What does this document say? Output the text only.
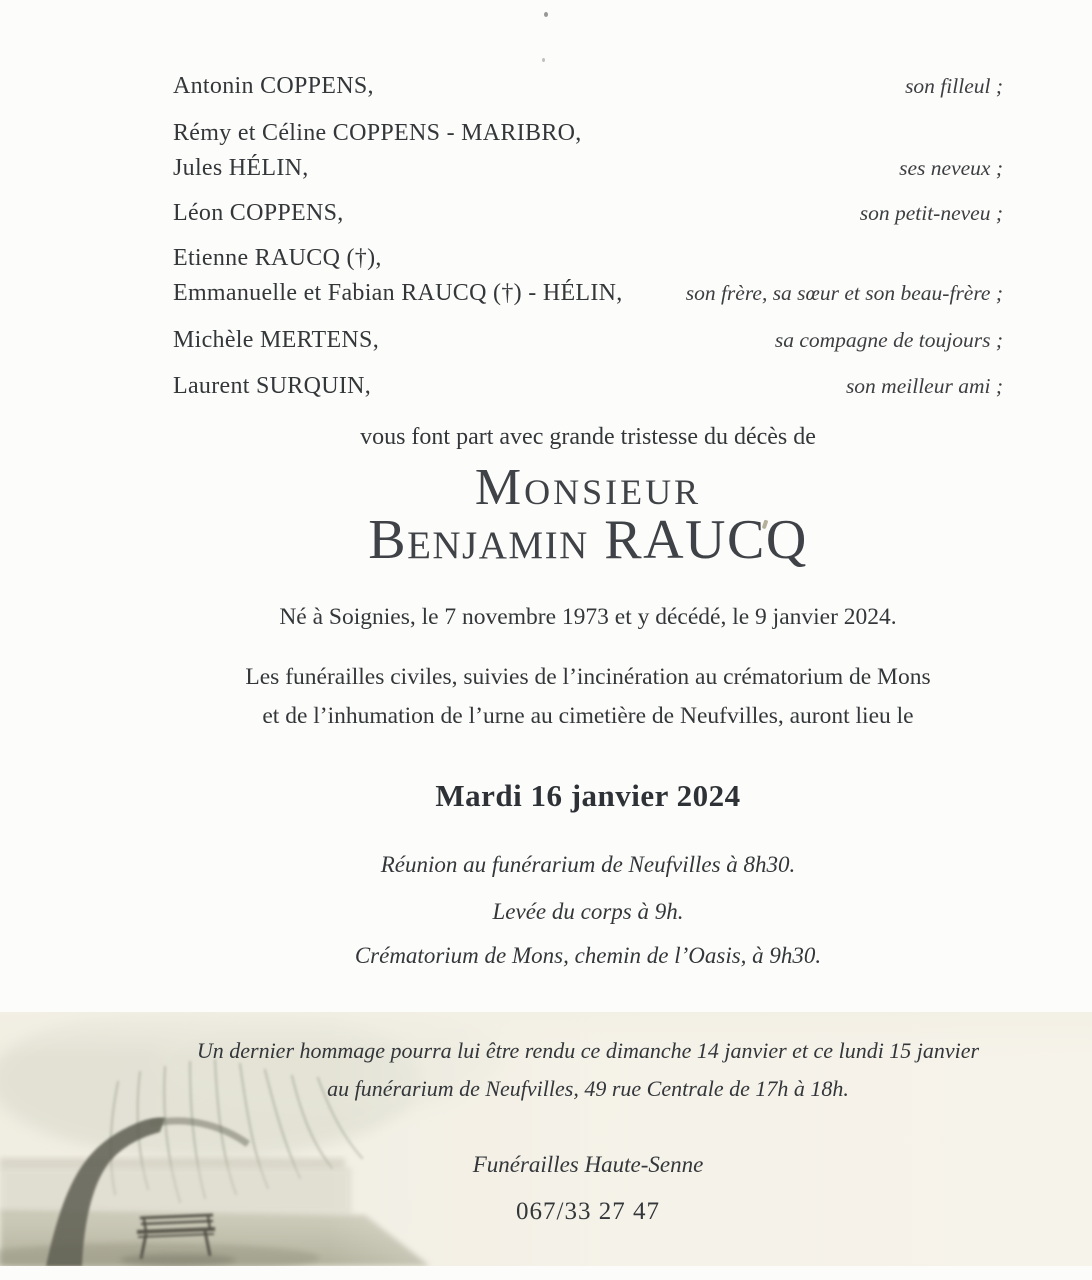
Antonin COPPENS,	son filleul ;
Rémy et Céline COPPENS - MARIBRO,
Jules HÉLIN,	ses neveux ;
Léon COPPENS,	son petit-neveu ;
Etienne RAUCQ (†),
Emmanuelle et Fabian RAUCQ (†) - HÉLIN,	son frère, sa sœur et son beau-frère ;
Michèle MERTENS,	sa compagne de toujours ;
Laurent SURQUIN,	son meilleur ami ;
vous font part avec grande tristesse du décès de
Monsieur
Benjamin RAUCQ
Né à Soignies, le 7 novembre 1973 et y décédé, le 9 janvier 2024.
Les funérailles civiles, suivies de l’incinération au crématorium de Mons
et de l’inhumation de l’urne au cimetière de Neufvilles, auront lieu le
Mardi 16 janvier 2024
Réunion au funérarium de Neufvilles à 8h30.
Levée du corps à 9h.
Crématorium de Mons, chemin de l’Oasis, à 9h30.
Un dernier hommage pourra lui être rendu ce dimanche 14 janvier et ce lundi 15 janvier
au funérarium de Neufvilles, 49 rue Centrale de 17h à 18h.
Funérailles Haute-Senne
067/33 27 47
